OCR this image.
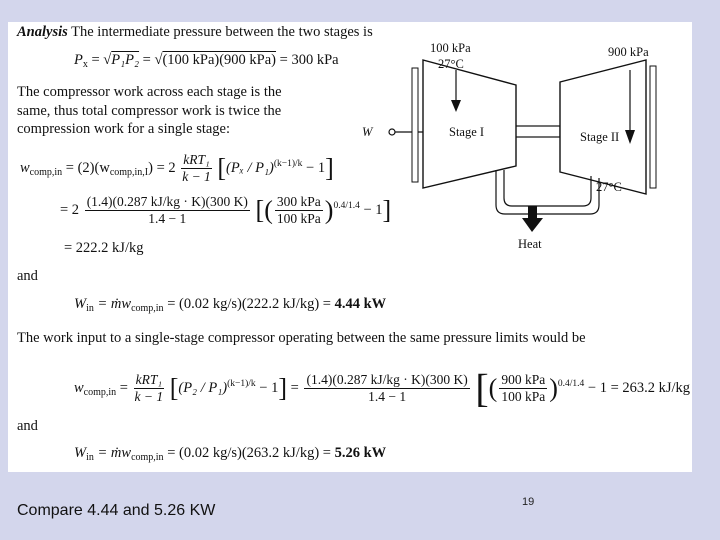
Analysis The intermediate pressure between the two stages is
$P_x = √P_1P_2 = √(100$ kPa)(900 kPa) = 300 kPa
The compressor work across each stage is the same, thus total compressor work is twice the compression work for a single stage:
$w_{comp,in} = (2)(w_{comp,in,I}) = 2 \frac{\text{kRT₁}}{k - 1} [(P_x / P_1)^{(k-1)/k} - 1]$
= $2 \frac{(1.4)(0.287 kJ/kg \cdot K)(300 K)}{1.4 - 1}$ [( $\frac{\text{300 kPa}}{\text{100 kPa}} )^{0.4/1.4} - 1$]
= 222.2 kJ/kg
and
$W_{in}$ = ṁw$_{comp,in}$ = (0.02 kg/s)(222.2 kJ/kg) = 4.44 kW
The work input to a single-stage compressor operating between the same pressure limits would be
$w_{comp,in} = \frac{\text{kRT₁}}{k - 1} [(P_2 / P_1)^{(k-1)/k} - 1] = \frac{(1.4)(0.287 kJ/kg \cdot K)(300 K)}{1.4 - 1}$ [( $\frac{\text{900 kPa}}{\text{100 kPa}} )^{0.4/1.4} - 1 = 263.2$ kJ/kg
and
$W_{in}$ = ṁw$_{comp,in}$ = (0.02 kg/s)(263.2 kJ/kg) = 5.26 kW
100 kPa
27°C
900 kPa
W	Stage I	Stage II
27°C
Heat
Compare 4.44 and 5.26 KW	19
